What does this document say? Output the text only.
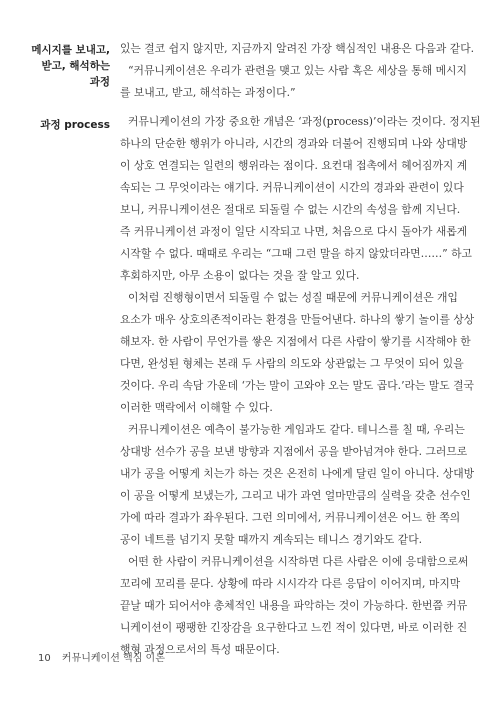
메시지를 보내고,
받고, 해석하는
과정
있는 결코 쉽지 않지만, 지금까지 알려진 가장 핵심적인 내용은 다음과 같다.
“커뮤니케이션은 우리가 관련을 맺고 있는 사람 혹은 세상을 통해 메시지
를 보내고, 받고, 해석하는 과정이다.”
과정 process	커뮤니케이션의 가장 중요한 개념은 ‘과정(process)’이라는 것이다. 정지된
하나의 단순한 행위가 아니라, 시간의 경과와 더불어 진행되며 나와 상대방
이 상호 연결되는 일련의 행위라는 점이다. 요컨대 접촉에서 헤어짐까지 계
속되는 그 무엇이라는 얘기다. 커뮤니케이션이 시간의 경과와 관련이 있다
보니, 커뮤니케이션은 절대로 되돌릴 수 없는 시간의 속성을 함께 지닌다.
즉 커뮤니케이션 과정이 일단 시작되고 나면, 처음으로 다시 돌아가 새롭게
시작할 수 없다. 때때로 우리는 “그때 그런 말을 하지 않았더라면……” 하고
후회하지만, 아무 소용이 없다는 것을 잘 알고 있다.
이처럼 진행형이면서 되돌릴 수 없는 성질 때문에 커뮤니케이션은 개입
요소가 매우 상호의존적이라는 환경을 만들어낸다. 하나의 쌓기 놀이를 상상
해보자. 한 사람이 무언가를 쌓은 지점에서 다른 사람이 쌓기를 시작해야 한
다면, 완성된 형체는 본래 두 사람의 의도와 상관없는 그 무엇이 되어 있을
것이다. 우리 속담 가운데 ‘가는 말이 고와야 오는 말도 곱다.’라는 말도 결국
이러한 맥락에서 이해할 수 있다.
커뮤니케이션은 예측이 불가능한 게임과도 같다. 테니스를 칠 때, 우리는
상대방 선수가 공을 보낸 방향과 지점에서 공을 받아넘겨야 한다. 그러므로
내가 공을 어떻게 치는가 하는 것은 온전히 나에게 달린 일이 아니다. 상대방
이 공을 어떻게 보냈는가, 그리고 내가 과연 얼마만큼의 실력을 갖춘 선수인
가에 따라 결과가 좌우된다. 그런 의미에서, 커뮤니케이션은 어느 한 쪽의
공이 네트를 넘기지 못할 때까지 계속되는 테니스 경기와도 같다.
어떤 한 사람이 커뮤니케이션을 시작하면 다른 사람은 이에 응대함으로써
꼬리에 꼬리를 문다. 상황에 따라 시시각각 다른 응답이 이어지며, 마지막
끝날 때가 되어서야 총체적인 내용을 파악하는 것이 가능하다. 한번쯤 커뮤
니케이션이 팽팽한 긴장감을 요구한다고 느낀 적이 있다면, 바로 이러한 진
행형 과정으로서의 특성 때문이다.
10 커뮤니케이션 핵심 이론
